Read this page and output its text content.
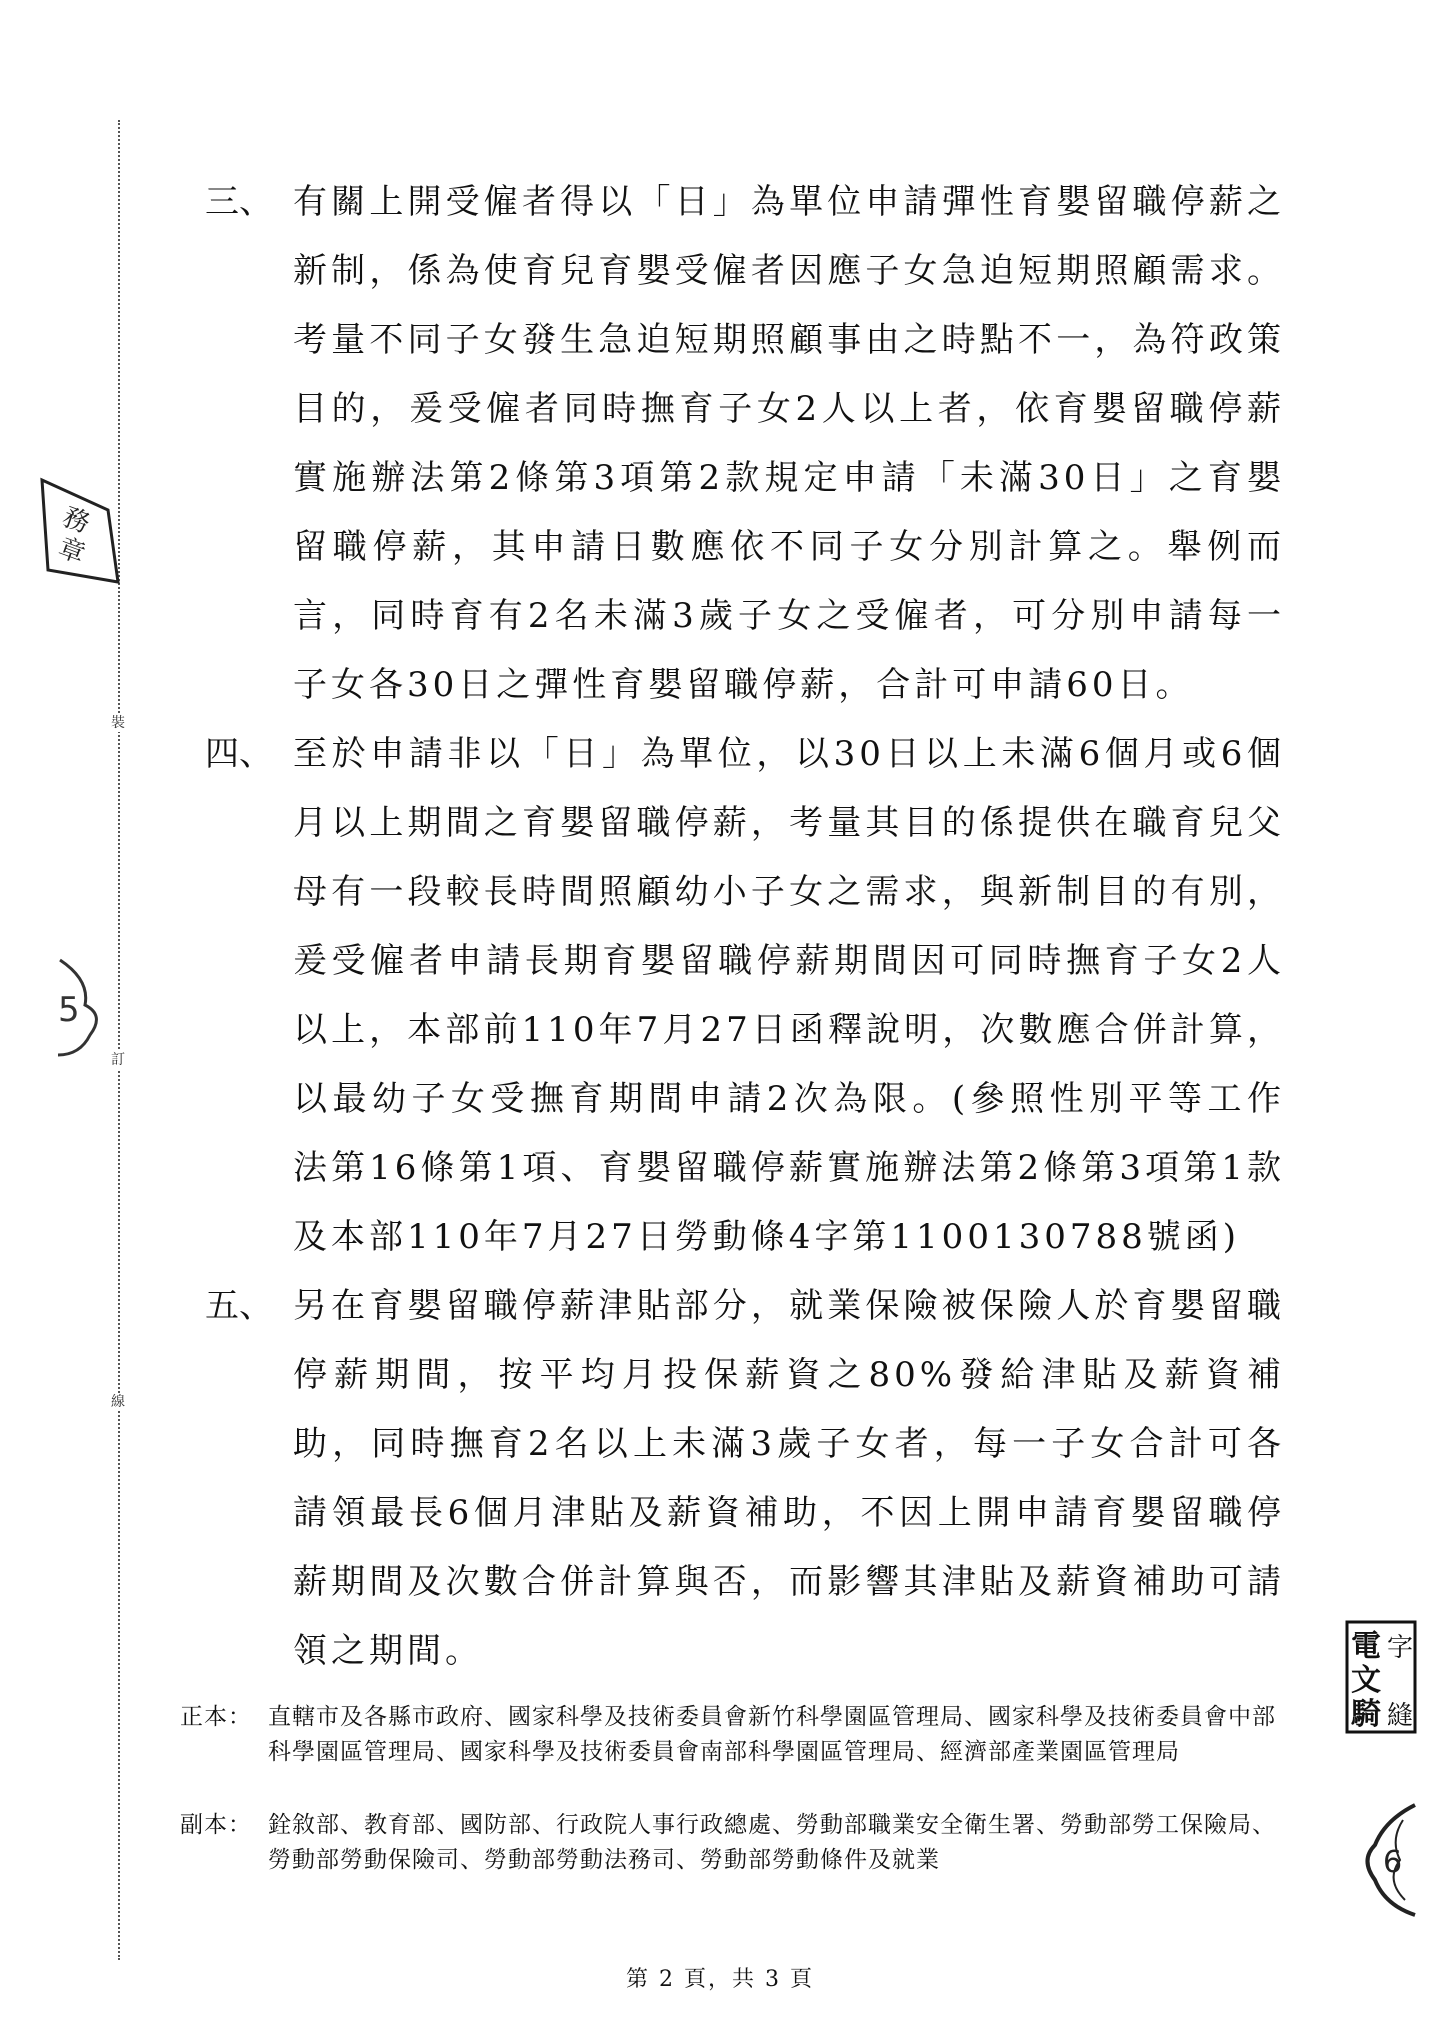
裝
訂
線
務
章
5
電
文
騎
字
縫
6
三、 有關上開受僱者得以「日」為單位申請彈性育嬰留職停薪之新制，係為使育兒育嬰受僱者因應子女急迫短期照顧需求。考量不同子女發生急迫短期照顧事由之時點不一，為符政策目的，爰受僱者同時撫育子女2人以上者，依育嬰留職停薪實施辦法第2條第3項第2款規定申請「未滿30日」之育嬰留職停薪，其申請日數應依不同子女分別計算之。舉例而言，同時育有2名未滿3歲子女之受僱者，可分別申請每一子女各30日之彈性育嬰留職停薪，合計可申請60日。
四、 至於申請非以「日」為單位，以30日以上未滿6個月或6個月以上期間之育嬰留職停薪，考量其目的係提供在職育兒父母有一段較長時間照顧幼小子女之需求，與新制目的有別，爰受僱者申請長期育嬰留職停薪期間因可同時撫育子女2人以上，本部前110年7月27日函釋說明，次數應合併計算，以最幼子女受撫育期間申請2次為限。(參照性別平等工作法第16條第1項、育嬰留職停薪實施辦法第2條第3項第1款及本部110年7月27日勞動條4字第1100130788號函)
五、 另在育嬰留職停薪津貼部分，就業保險被保險人於育嬰留職停薪期間，按平均月投保薪資之80%發給津貼及薪資補助，同時撫育2名以上未滿3歲子女者，每一子女合計可各請領最長6個月津貼及薪資補助，不因上開申請育嬰留職停薪期間及次數合併計算與否，而影響其津貼及薪資補助可請領之期間。
正本： 直轄市及各縣市政府、國家科學及技術委員會新竹科學園區管理局、國家科學及技術委員會中部科學園區管理局、國家科學及技術委員會南部科學園區管理局、經濟部產業園區管理局
副本： 銓敘部、教育部、國防部、行政院人事行政總處、勞動部職業安全衛生署、勞動部勞工保險局、勞動部勞動保險司、勞動部勞動法務司、勞動部勞動條件及就業
第 2 頁，共 3 頁
